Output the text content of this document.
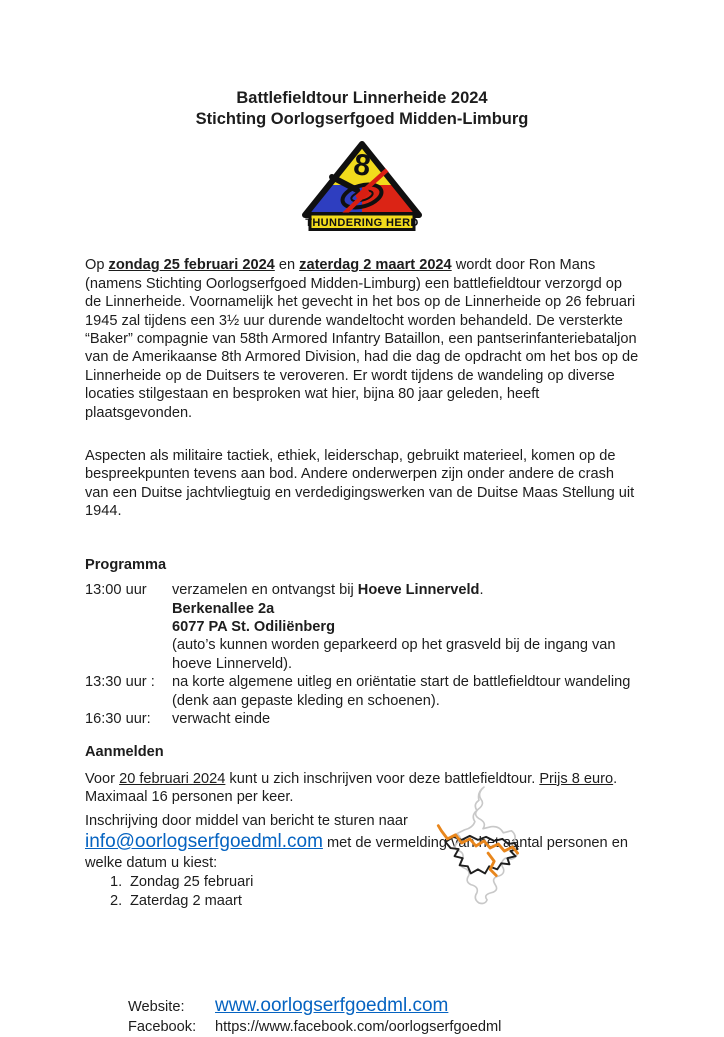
Battlefieldtour Linnerheide 2024
Stichting Oorlogserfgoed Midden-Limburg
8
THUNDERING HERD

Op zondag 25 februari 2024 en zaterdag 2 maart 2024 wordt door Ron Mans (namens Stichting Oorlogserfgoed Midden-Limburg) een battlefieldtour verzorgd op de Linnerheide. Voornamelijk het gevecht in het bos op de Linnerheide op 26 februari 1945 zal tijdens een 3½ uur durende wandeltocht worden behandeld. De versterkte “Baker” compagnie van 58th Armored Infantry Bataillon, een pantserinfanteriebataljon van de Amerikaanse 8th Armored Division, had die dag de opdracht om het bos op de Linnerheide op de Duitsers te veroveren. Er wordt tijdens de wandeling op diverse locaties stilgestaan en besproken wat hier, bijna 80 jaar geleden, heeft plaatsgevonden.

Aspecten als militaire tactiek, ethiek, leiderschap, gebruikt materieel, komen op de bespreekpunten tevens aan bod. Andere onderwerpen zijn onder andere de crash van een Duitse jachtvliegtuig en verdedigingswerken van de Duitse Maas Stellung uit 1944.

Programma
13:00 uur	verzamelen en ontvangst bij Hoeve Linnerveld.
Berkenallee 2a
6077 PA St. Odiliënberg
(auto’s kunnen worden geparkeerd op het grasveld bij de ingang van hoeve Linnerveld).
13:30 uur :	na korte algemene uitleg en oriëntatie start de battlefieldtour wandeling (denk aan gepaste kleding en schoenen).
16:30 uur:	verwacht einde
Aanmelden

Voor 20 februari 2024 kunt u zich inschrijven voor deze battlefieldtour. Prijs 8 euro.

Maximaal 16 personen per keer.

Inschrijving door middel van bericht te sturen naar info@oorlogserfgoedml.com met de vermelding van het aantal personen en welke datum u kiest:

1. Zondag 25 februari
2. Zaterdag 2 maart
Website:	www.oorlogserfgoedml.com
Facebook:	https://www.facebook.com/oorlogserfgoedml
